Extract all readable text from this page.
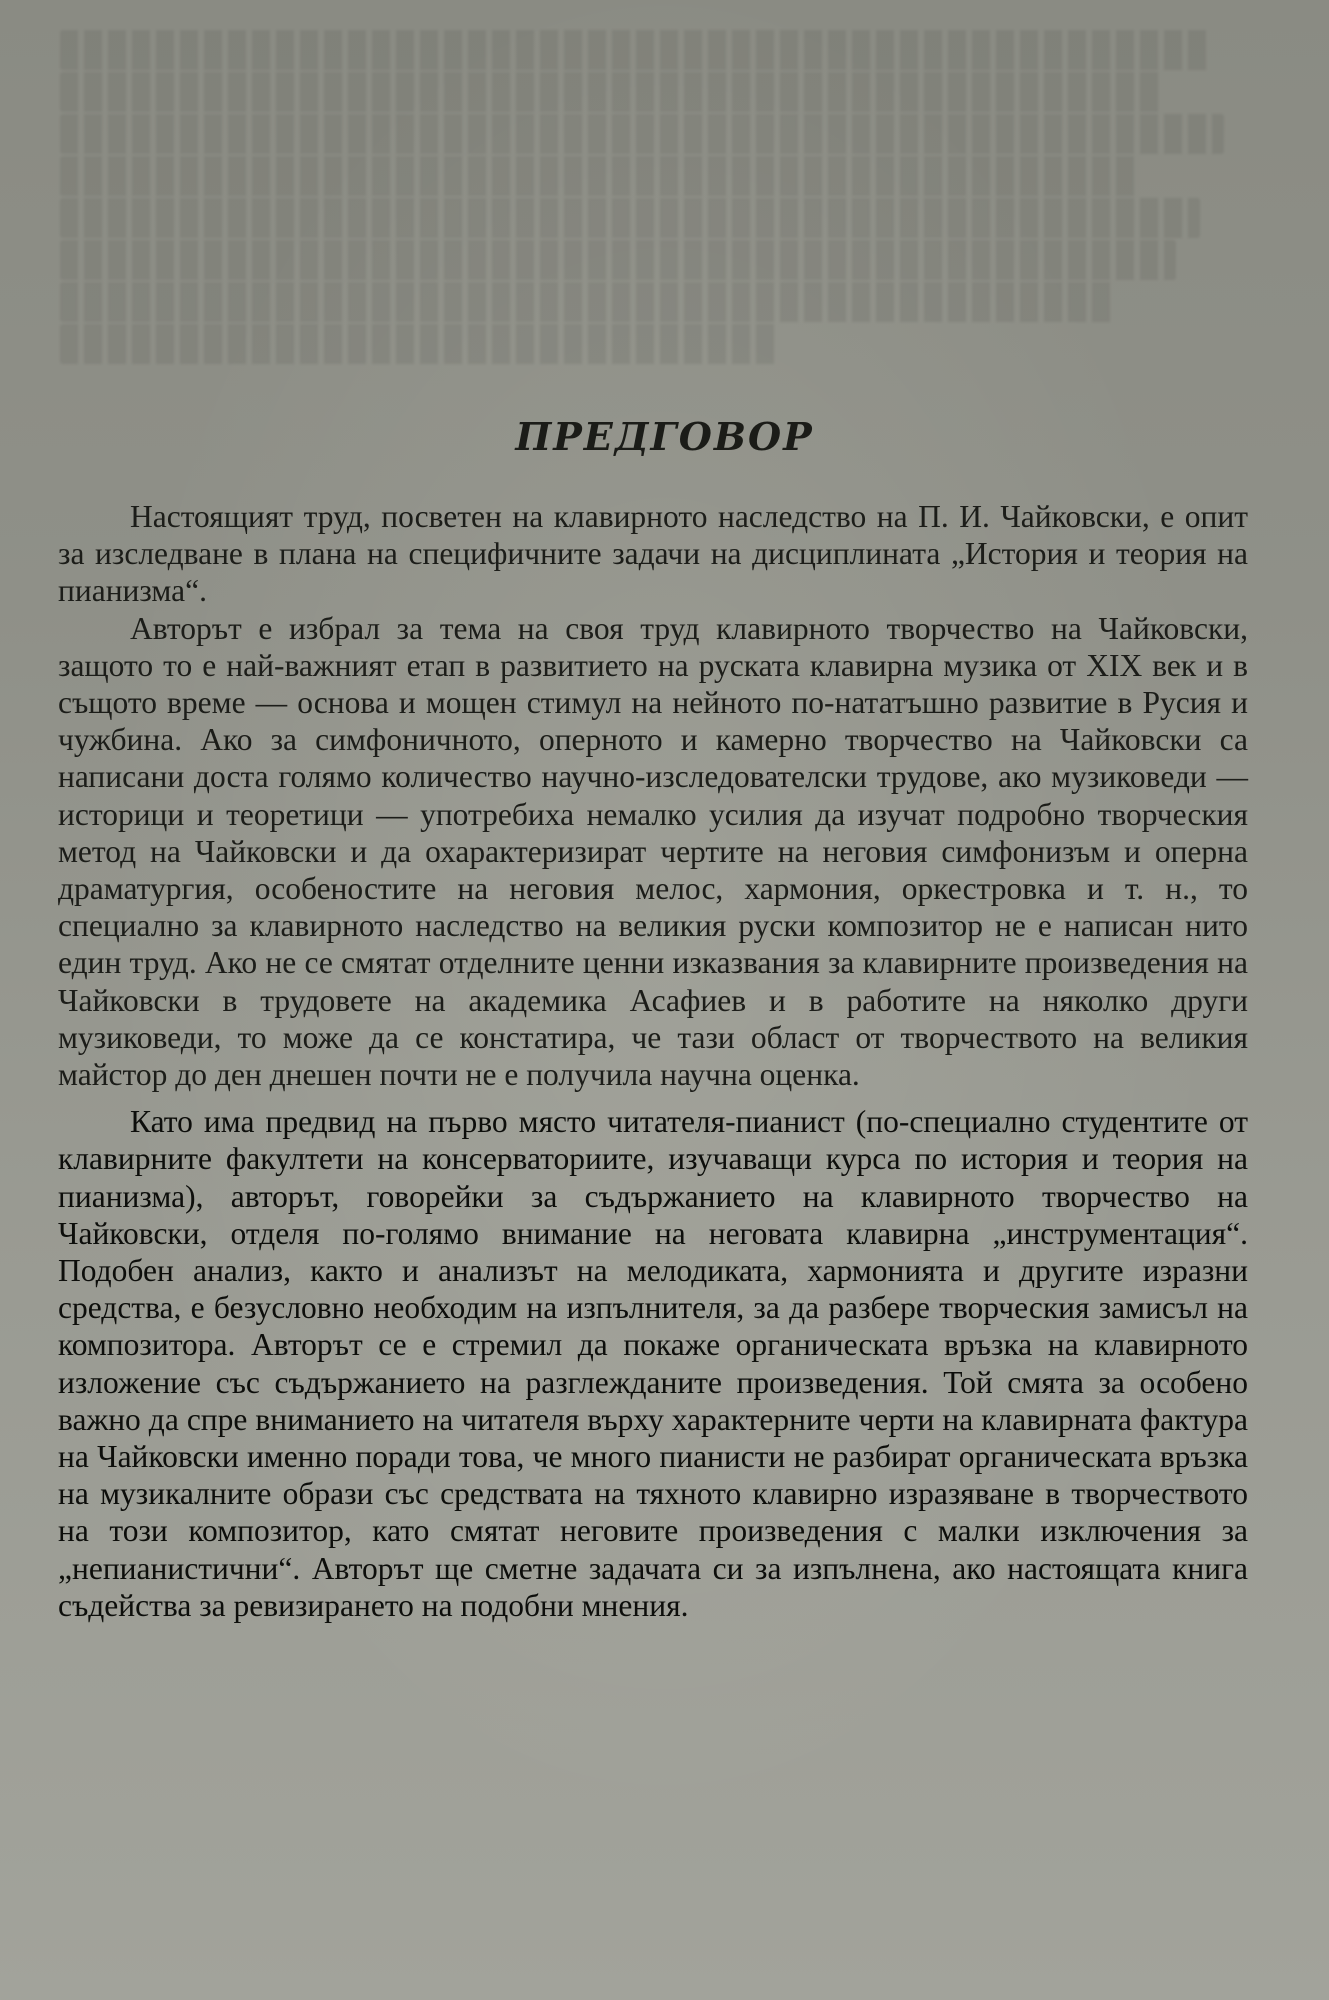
ПРЕДГОВОР

Настоящият труд, посветен на клавирното наследство на П. И. Чайковски, е опит за изследване в плана на специфичните задачи на дисциплината „История и теория на пианизма“.

Авторът е избрал за тема на своя труд клавирното творчество на Чайковски, защото то е най-важният етап в развитието на руската клавирна музика от XIX век и в същото време — основа и мощен стимул на нейното по-нататъшно развитие в Русия и чужбина. Ако за симфоничното, оперното и камерно творчество на Чайковски са написани доста голямо количество научно-изследователски трудове, ако музиковеди — историци и теоретици — употребиха немалко усилия да изучат подробно творческия метод на Чайковски и да охарактеризират чертите на неговия симфонизъм и оперна драматургия, особеностите на неговия мелос, хармония, оркестровка и т. н., то специално за клавирното наследство на великия руски композитор не е написан нито един труд. Ако не се смятат отделните ценни изказвания за клавирните произведения на Чайковски в трудовете на академика Асафиев и в работите на няколко други музиковеди, то може да се констатира, че тази област от творчеството на великия майстор до ден днешен почти не е получила научна оценка.

Като има предвид на първо място читателя-пианист (по-специално студентите от клавирните факултети на консерваториите, изучаващи курса по история и теория на пианизма), авторът, говорейки за съдържанието на клавирното творчество на Чайковски, отделя по-голямо внимание на неговата клавирна „инструментация“. Подобен анализ, както и анализът на мелодиката, хармонията и другите изразни средства, е безусловно необходим на изпълнителя, за да разбере творческия замисъл на композитора. Авторът се е стремил да покаже органическата връзка на клавирното изложение със съдържанието на разглежданите произведения. Той смята за особено важно да спре вниманието на читателя върху характерните черти на клавирната фактура на Чайковски именно поради това, че много пианисти не разбират органическата връзка на музикалните образи със средствата на тяхното клавирно изразяване в творчеството на този композитор, като смятат неговите произведения с малки изключения за „непианистични“. Авторът ще сметне задачата си за изпълнена, ако настоящата книга съдейства за ревизирането на подобни мнения.
